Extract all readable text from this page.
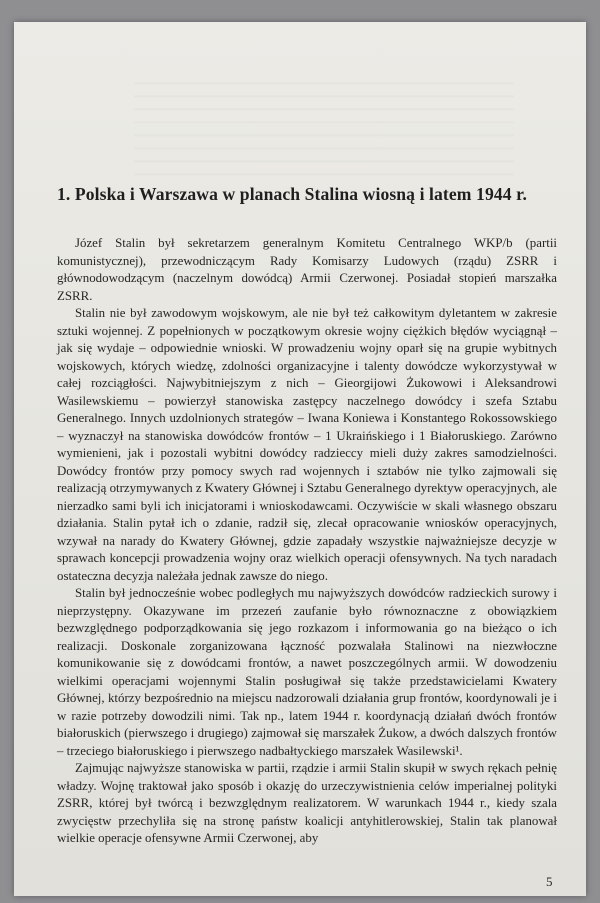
1. Polska i Warszawa w planach Stalina wiosną i latem 1944 r.

Józef Stalin był sekretarzem generalnym Komitetu Centralnego WKP/b (partii komunistycznej), przewodniczącym Rady Komisarzy Ludowych (rządu) ZSRR i głównodowodzącym (naczelnym dowódcą) Armii Czerwonej. Posiadał stopień marszałka ZSRR.

Stalin nie był zawodowym wojskowym, ale nie był też całkowitym dyletantem w zakresie sztuki wojennej. Z popełnionych w początkowym okresie wojny ciężkich błędów wyciągnął – jak się wydaje – odpowiednie wnioski. W prowadzeniu wojny oparł się na grupie wybitnych wojskowych, których wiedzę, zdolności organizacyjne i talenty dowódcze wykorzystywał w całej rozciągłości. Najwybitniejszym z nich – Gieorgijowi Żukowowi i Aleksandrowi Wasilewskiemu – powierzył stanowiska zastępcy naczelnego dowódcy i szefa Sztabu Generalnego. Innych uzdolnionych strategów – Iwana Koniewa i Konstantego Rokossowskiego – wyznaczył na stanowiska dowódców frontów – 1 Ukraińskiego i 1 Białoruskiego. Zarówno wymienieni, jak i pozostali wybitni dowódcy radzieccy mieli duży zakres samodzielności. Dowódcy frontów przy pomocy swych rad wojennych i sztabów nie tylko zajmowali się realizacją otrzymywanych z Kwatery Głównej i Sztabu Generalnego dyrektyw operacyjnych, ale nierzadko sami byli ich inicjatorami i wnioskodawcami. Oczywiście w skali własnego obszaru działania. Stalin pytał ich o zdanie, radził się, zlecał opracowanie wniosków operacyjnych, wzywał na narady do Kwatery Głównej, gdzie zapadały wszystkie najważniejsze decyzje w sprawach koncepcji prowadzenia wojny oraz wielkich operacji ofensywnych. Na tych naradach ostateczna decyzja należała jednak zawsze do niego.

Stalin był jednocześnie wobec podległych mu najwyższych dowódców radzieckich surowy i nieprzystępny. Okazywane im przezeń zaufanie było równoznaczne z obowiązkiem bezwzględnego podporządkowania się jego rozkazom i informowania go na bieżąco o ich realizacji. Doskonale zorganizowana łączność pozwalała Stalinowi na niezwłoczne komunikowanie się z dowódcami frontów, a nawet poszczególnych armii. W dowodzeniu wielkimi operacjami wojennymi Stalin posługiwał się także przedstawicielami Kwatery Głównej, którzy bezpośrednio na miejscu nadzorowali działania grup frontów, koordynowali je i w razie potrzeby dowodzili nimi. Tak np., latem 1944 r. koordynacją działań dwóch frontów białoruskich (pierwszego i drugiego) zajmował się marszałek Żukow, a dwóch dalszych frontów – trzeciego białoruskiego i pierwszego nadbałtyckiego marszałek Wasilewski¹.

Zajmując najwyższe stanowiska w partii, rządzie i armii Stalin skupił w swych rękach pełnię władzy. Wojnę traktował jako sposób i okazję do urzeczywistnienia celów imperialnej polityki ZSRR, której był twórcą i bezwzględnym realizatorem. W warunkach 1944 r., kiedy szala zwycięstw przechyliła się na stronę państw koalicji antyhitlerowskiej, Stalin tak planował wielkie operacje ofensywne Armii Czerwonej, aby

5
